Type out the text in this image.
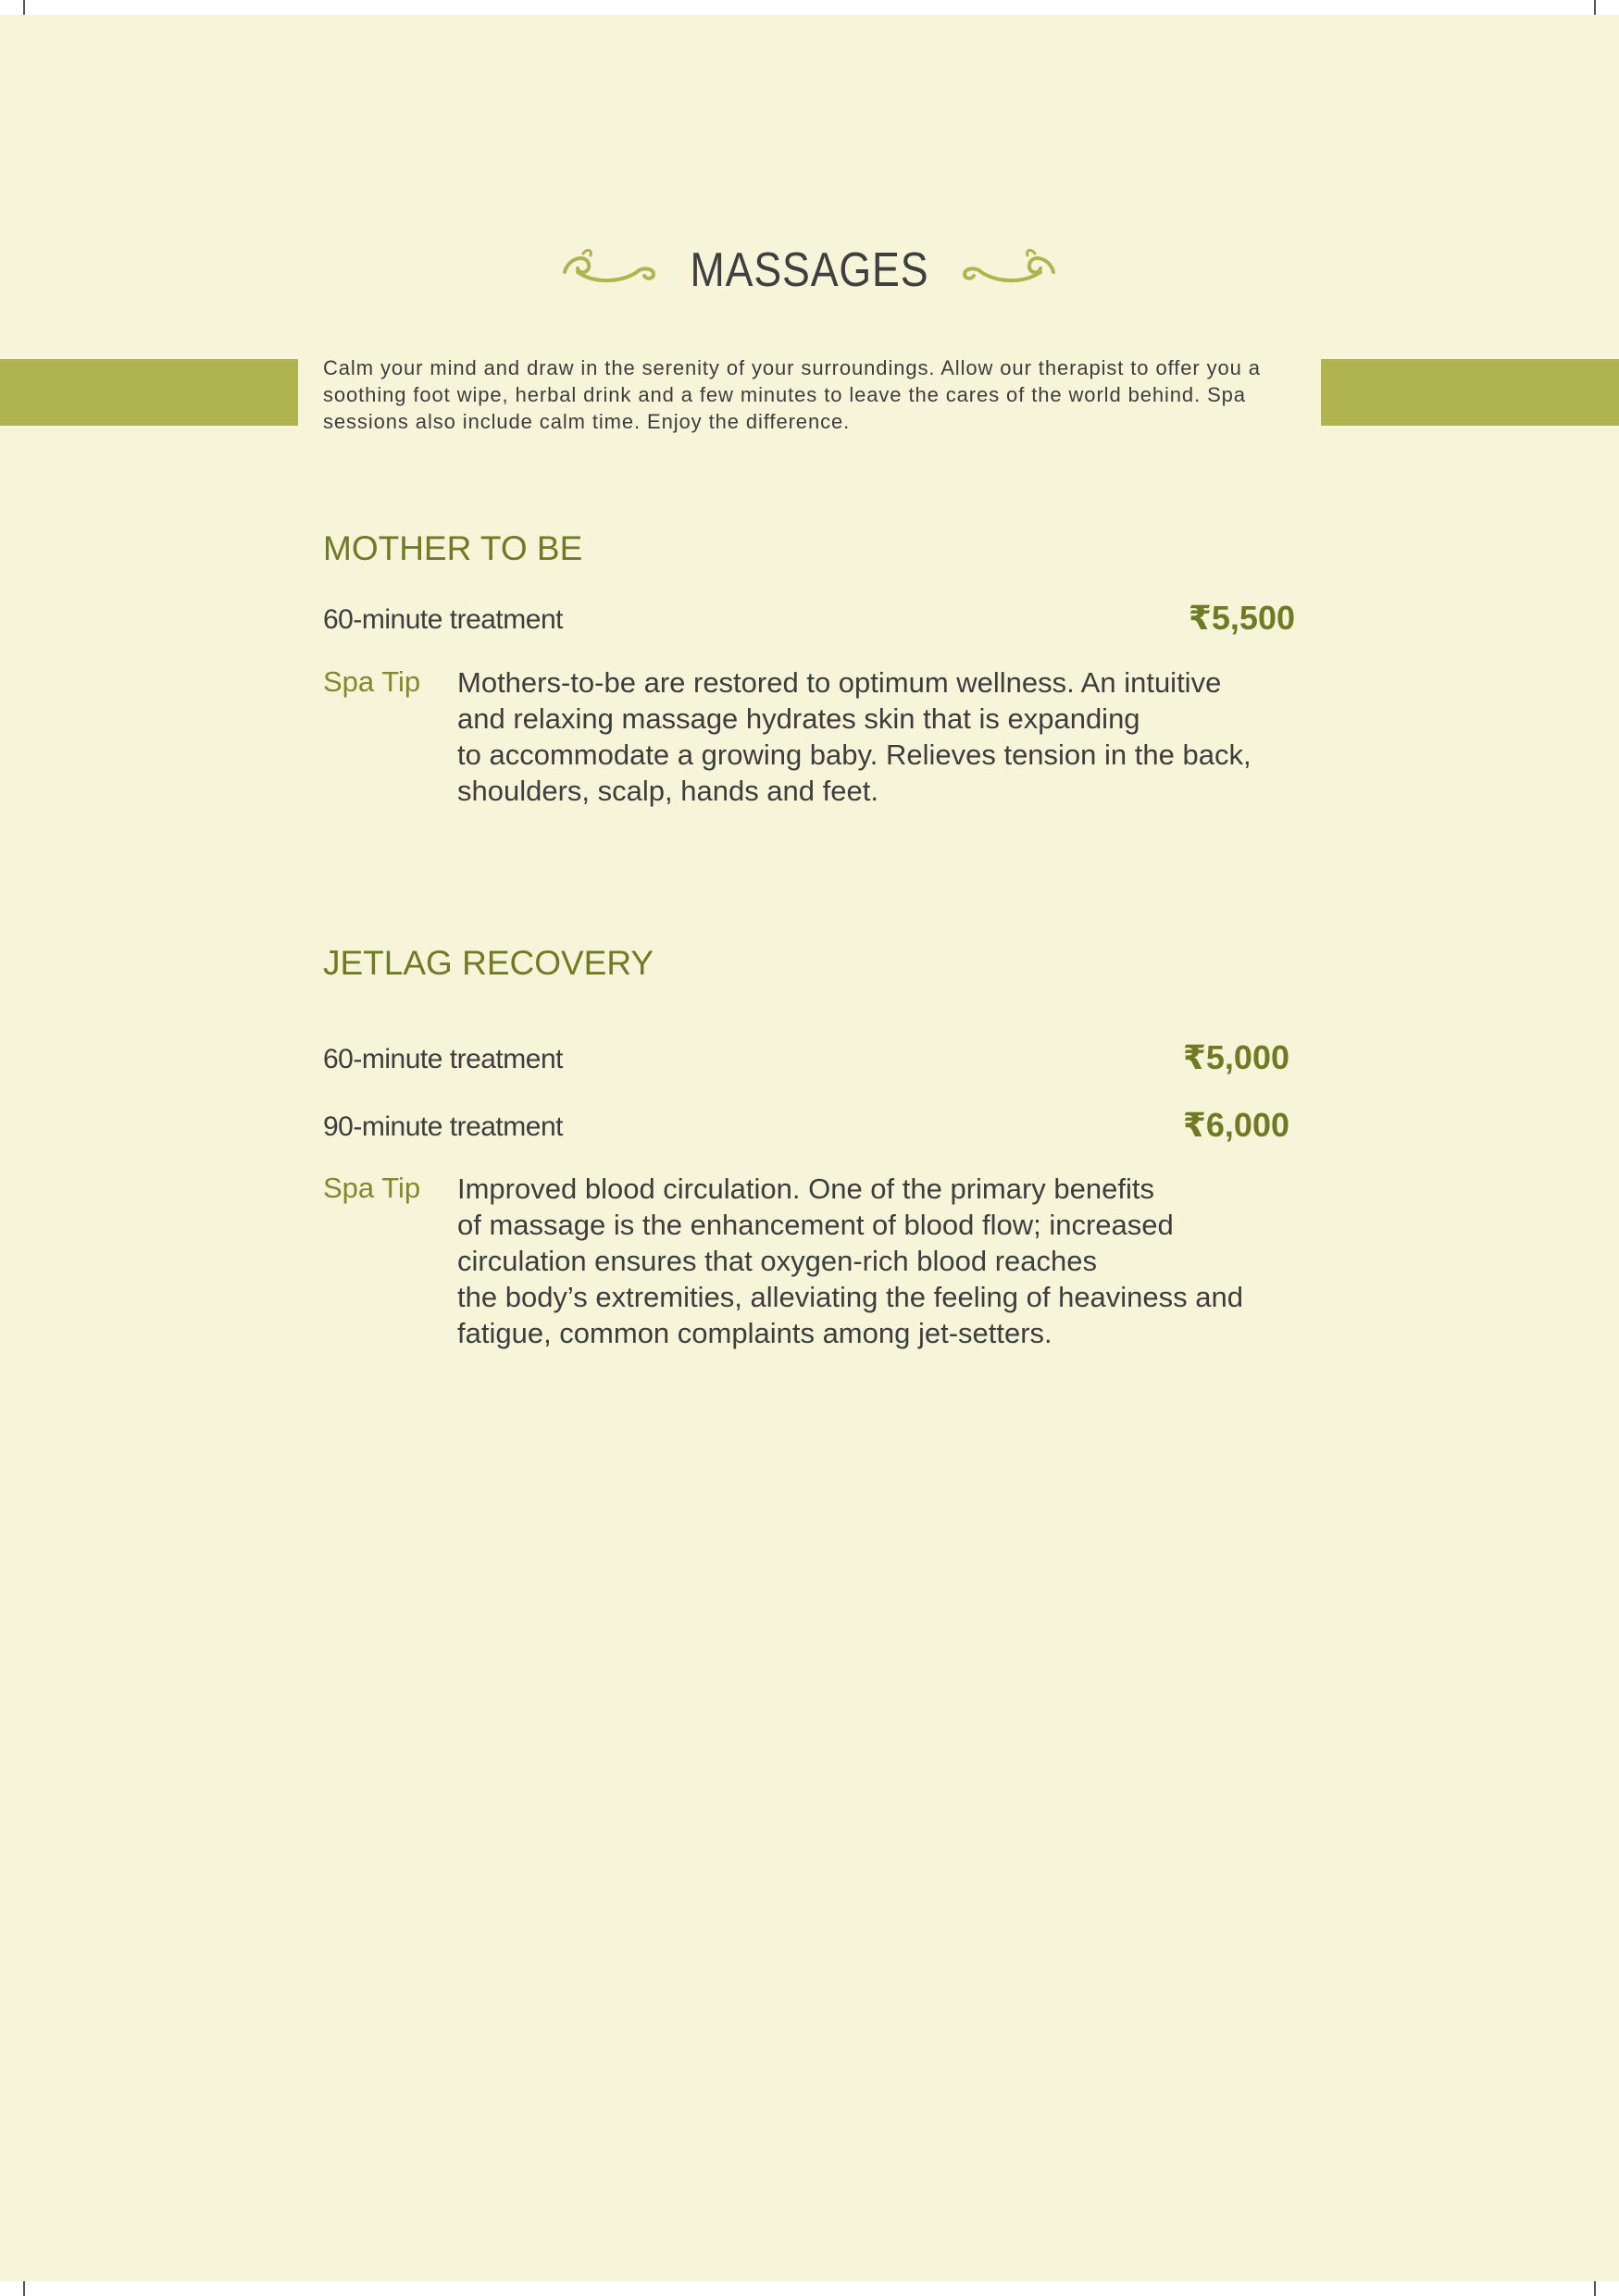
MASSAGES
Calm your mind and draw in the serenity of your surroundings. Allow our therapist to offer you a soothing foot wipe, herbal drink and a few minutes to leave the cares of the world behind. Spa sessions also include calm time. Enjoy the difference.
MOTHER TO BE
60-minute treatment	₹5,500
Spa Tip Mothers-to-be are restored to optimum wellness. An intuitive
and relaxing massage hydrates skin that is expanding
to accommodate a growing baby. Relieves tension in the back,
shoulders, scalp, hands and feet.
JETLAG RECOVERY
60-minute treatment	₹5,000
90-minute treatment	₹6,000
Spa Tip Improved blood circulation. One of the primary benefits
of massage is the enhancement of blood flow; increased
circulation ensures that oxygen-rich blood reaches
the body’s extremities, alleviating the feeling of heaviness and
fatigue, common complaints among jet-setters.
